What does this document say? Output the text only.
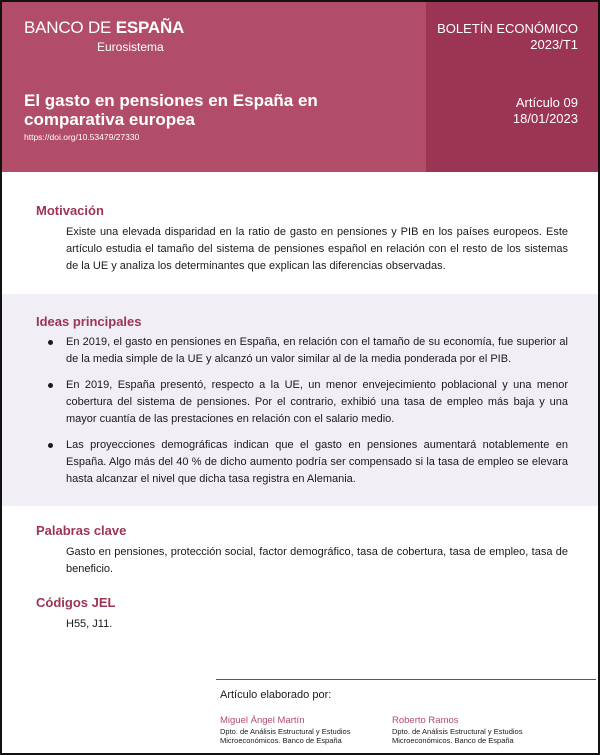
BANCO DE ESPAÑA
Eurosistema
El gasto en pensiones en España en comparativa europea
https://doi.org/10.53479/27330
BOLETÍN ECONÓMICO
2023/T1
Artículo 09
18/01/2023
Motivación
Existe una elevada disparidad en la ratio de gasto en pensiones y PIB en los países europeos. Este artículo estudia el tamaño del sistema de pensiones español en relación con el resto de los sistemas de la UE y analiza los determinantes que explican las diferencias observadas.
Ideas principales
En 2019, el gasto en pensiones en España, en relación con el tamaño de su economía, fue superior al de la media simple de la UE y alcanzó un valor similar al de la media ponderada por el PIB.
En 2019, España presentó, respecto a la UE, un menor envejecimiento poblacional y una menor cobertura del sistema de pensiones. Por el contrario, exhibió una tasa de empleo más baja y una mayor cuantía de las prestaciones en relación con el salario medio.
Las proyecciones demográficas indican que el gasto en pensiones aumentará notablemente en España. Algo más del 40 % de dicho aumento podría ser compensado si la tasa de empleo se elevara hasta alcanzar el nivel que dicha tasa registra en Alemania.
Palabras clave
Gasto en pensiones, protección social, factor demográfico, tasa de cobertura, tasa de empleo, tasa de beneficio.
Códigos JEL
H55, J11.
Artículo elaborado por:
Miguel Ángel Martín
Dpto. de Análisis Estructural y Estudios Microeconómicos. Banco de España
Roberto Ramos
Dpto. de Análisis Estructural y Estudios Microeconómicos. Banco de España
